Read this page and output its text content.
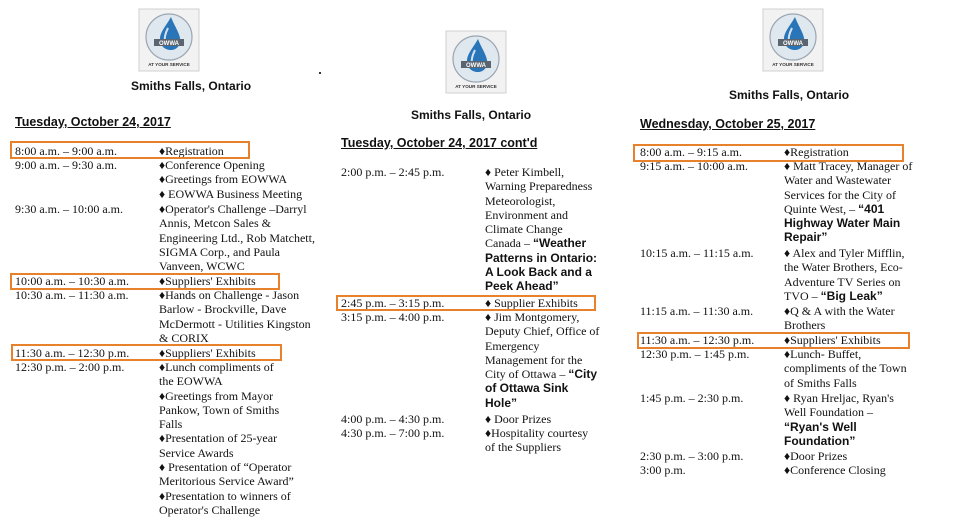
OWWA
AT YOUR SERVICE	OWWA
AT YOUR SERVICE
OWWA
AT YOUR SERVICE
Smiths Falls, Ontario
Tuesday, October 24, 2017
8:00 a.m. – 9:00 a.m.	♦Registration
9:00 a.m. – 9:30 a.m.	♦Conference Opening
♦Greetings from EOWWA
♦ EOWWA Business Meeting
9:30 a.m. – 10:00 a.m.	♦Operator's Challenge –Darryl
Annis, Metcon Sales &
Engineering Ltd., Rob Matchett,
SIGMA Corp., and Paula
Vanveen, WCWC
10:00 a.m. – 10:30 a.m.	♦Suppliers' Exhibits
10:30 a.m. – 11:30 a.m.	♦Hands on Challenge - Jason
Barlow - Brockville, Dave
McDermott - Utilities Kingston
& CORIX
11:30 a.m. – 12:30 p.m. ♦Suppliers' Exhibits
12:30 p.m. – 2:00 p.m.	♦Lunch compliments of
the EOWWA
♦Greetings from Mayor
Pankow, Town of Smiths
Falls
♦Presentation of 25-year
Service Awards
♦ Presentation of “Operator
Meritorious Service Award”
♦Presentation to winners of
Operator's Challenge
Smiths Falls, Ontario
Tuesday, October 24, 2017 cont'd
2:00 p.m. – 2:45 p.m.	♦ Peter Kimbell,
Warning Preparedness
Meteorologist,
Environment and
Climate Change
Canada – “Weather
Patterns in Ontario:
A Look Back and a
Peek Ahead”
2:45 p.m. – 3:15 p.m.	♦ Supplier Exhibits
3:15 p.m. – 4:00 p.m.	♦ Jim Montgomery,
Deputy Chief, Office of
Emergency
Management for the
City of Ottawa – “City
of Ottawa Sink
Hole”
4:00 p.m. – 4:30 p.m.	♦ Door Prizes
4:30 p.m. – 7:00 p.m.	♦Hospitality courtesy
of the Suppliers
Smiths Falls, Ontario
Wednesday, October 25, 2017
8:00 a.m. – 9:15 a.m.	♦Registration
9:15 a.m. – 10:00 a.m.	♦ Matt Tracey, Manager of
Water and Wastewater
Services for the City of
Quinte West, – “401
Highway Water Main
Repair”
10:15 a.m. – 11:15 a.m.	♦ Alex and Tyler Mifflin,
the Water Brothers, Eco-
Adventure TV Series on
TVO – “Big Leak”
11:15 a.m. – 11:30 a.m.	♦Q & A with the Water
Brothers
11:30 a.m. – 12:30 p.m. ♦Suppliers' Exhibits
12:30 p.m. – 1:45 p.m.	♦Lunch- Buffet,
compliments of the Town
of Smiths Falls
1:45 p.m. – 2:30 p.m.	♦ Ryan Hreljac, Ryan's
Well Foundation –
“Ryan's Well
Foundation”
2:30 p.m. – 3:00 p.m.	♦Door Prizes
3:00 p.m.	♦Conference Closing
